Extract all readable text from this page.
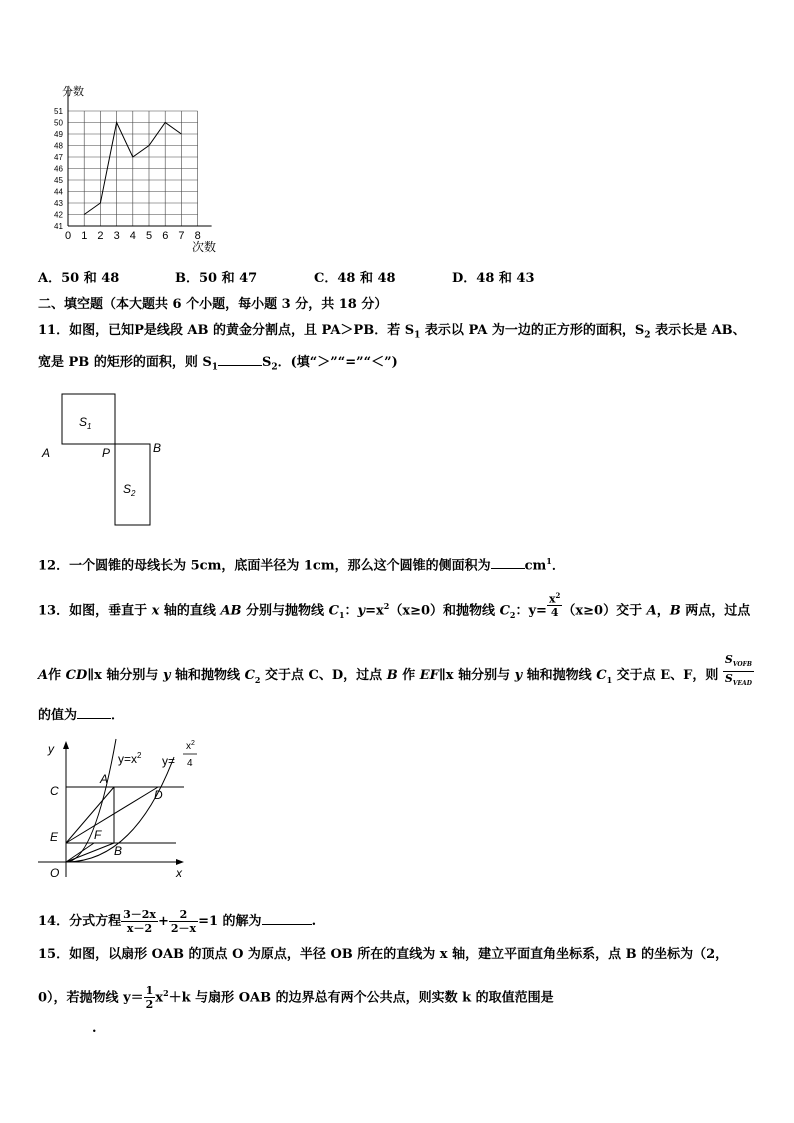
0 1 2 3 4 5 6 7 8
41
42
43
44
45
46
47
48
49
50
51
分数
次数
A．50 和 48	B．50 和 47	C．48 和 48	D．48 和 43
二、填空题（本大题共 6 个小题，每小题 3 分，共 18 分）
11．如图，已知P是线段 AB 的黄金分割点，且 PA＞PB．若 $S_1$ 表示以 PA 为一边的正方形的面积，$S_2$ 表示长是 AB、
宽是 PB 的矩形的面积，则 $S_1$	$S_2$．(填“＞”“=”“＜”)
$S_1$
$S_2$
A	P	B
12．一个圆锥的母线长为 5cm，底面半径为 1cm，那么这个圆锥的侧面积为	$cm^1$．
13．如图，垂直于 x 轴的直线 AB 分别与抛物线 $C_1$：$y=x^2(x\ge 0)$和抛物线 $C_2$：$y= \frac{x^2}{4} (x\ge 0)$交于 A，B 两点，过点
A作 CD∥x 轴分别与 y 轴和抛物线 $C_2$ 交于点 C、D，过点 B 作 EF∥x 轴分别与 y 轴和抛物线 $C_1$ 交于点 E、F，则 $\frac{S_{VOFB}}{S_{VEAD}}$
的值为	．
y
$y=x^2$ y=
$x^2$
4
A
C	D
E	F
B
O	x
14．分式方程 $\frac{3-2x}{x-2} + \frac{2}{2-x} =1$ 的解为	.
15．如图，以扇形 OAB 的顶点 O 为原点，半径 OB 所在的直线为 x 轴，建立平面直角坐标系，点 B 的坐标为（2，
0），若抛物线 $y= \frac{1}{2} x^2+k$ 与扇形 OAB 的边界总有两个公共点，则实数 k 的取值范围是
.
